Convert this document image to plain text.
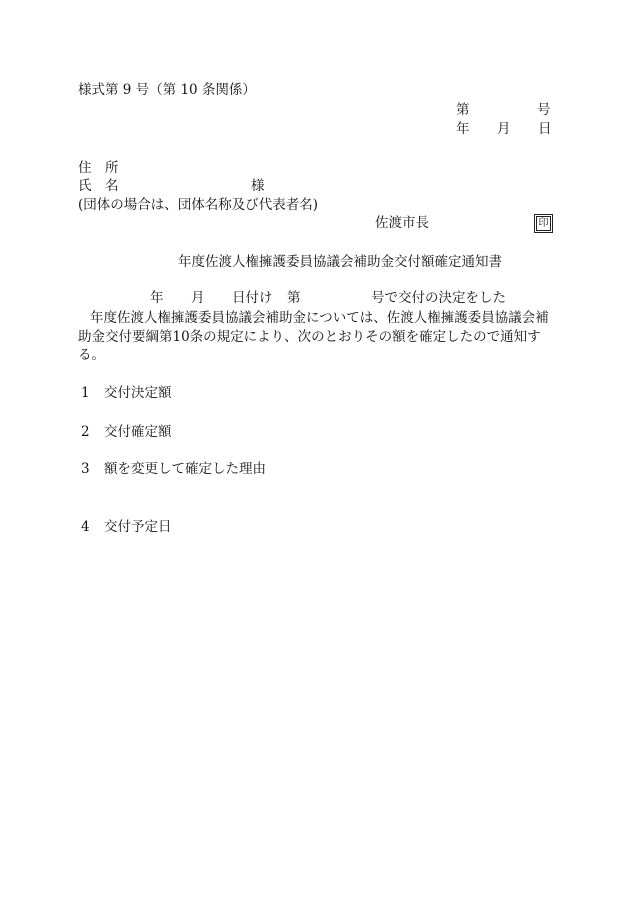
様式第 9 号（第 10 条関係）
第	号
年 月 日
住　所
氏　名	様
(団体の場合は、団体名称及び代表者名)
佐渡市長	印
年度佐渡人権擁護委員協議会補助金交付額確定通知書
年 月 日付け 第	号で交付の決定をした
年度佐渡人権擁護委員協議会補助金については、佐渡人権擁護委員協議会補
助金交付要綱第10条の規定により、次のとおりその額を確定したので通知す
る。
1 交付決定額
2 交付確定額
3 額を変更して確定した理由
4 交付予定日
